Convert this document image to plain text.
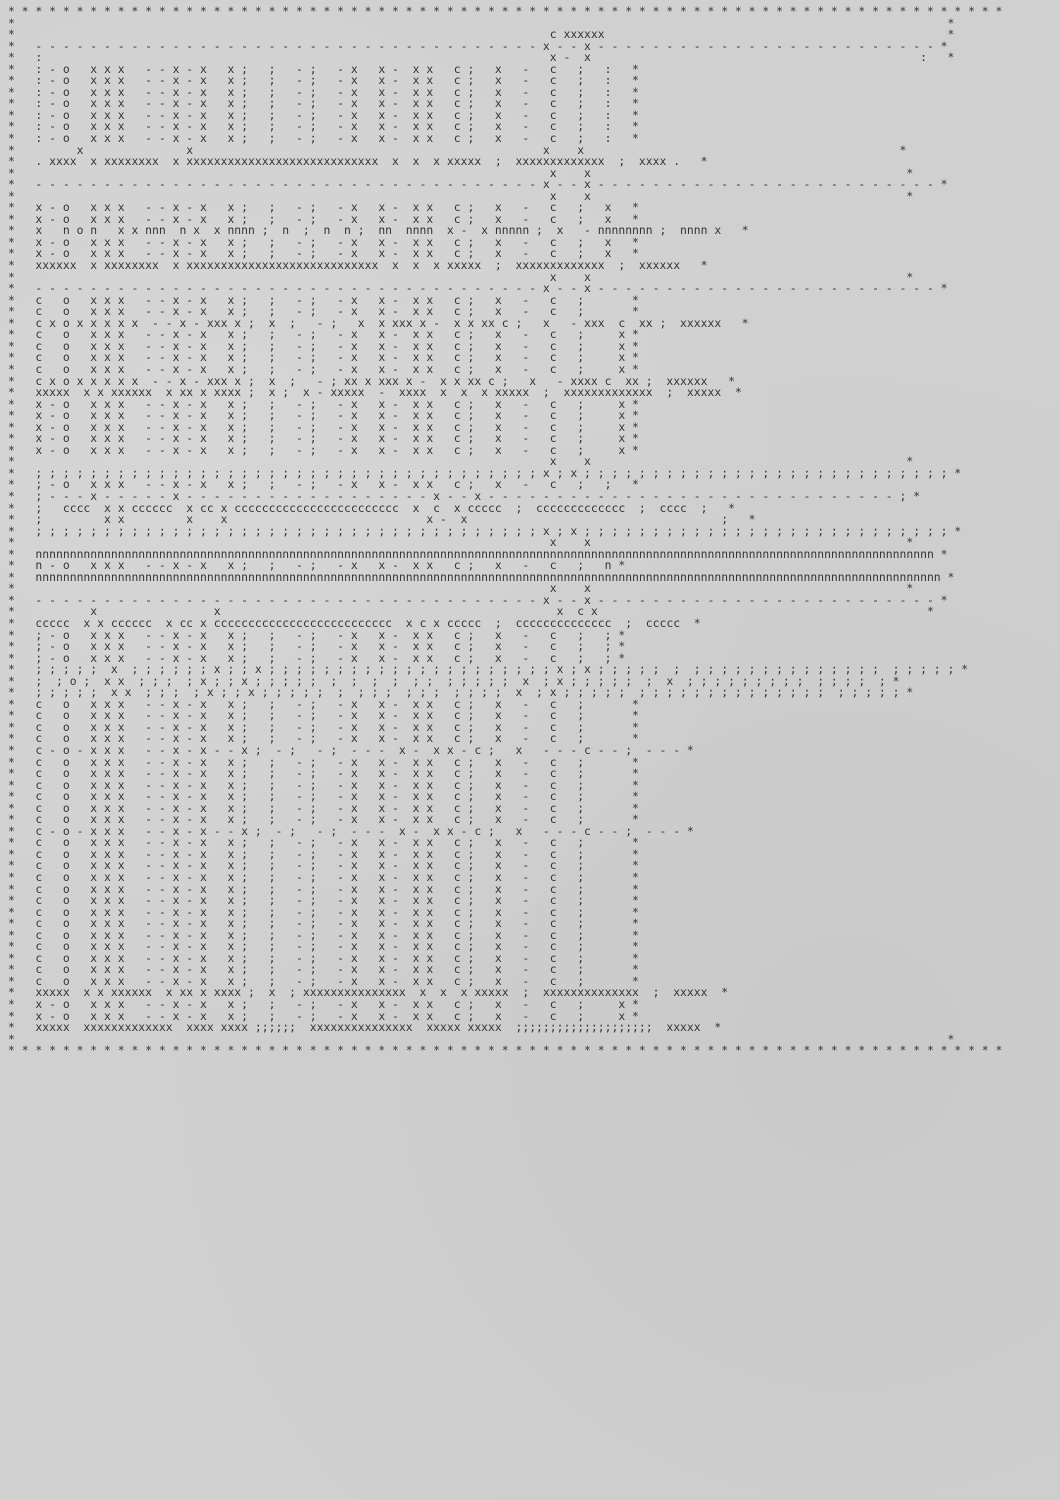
* * * * * * * * * * * * * * * * * * * * * * * * * * * * * * * * * * * * * * * * * * * * * * * * * * * * * * * * * * * * * * * * * * * * * * * * *
*                                                                                                                                        *
*                                                                              c xxxxxx                                                  *
*   - - - - - - - - - - - - - - - - - - - - - - - - - - - - - - - - - - - - - x - - x - - - - - - - - - - - - - - - - - - - - - - - - - *
*   :                                                                          x -  x                                                :   *
*   : - o   x x x   - - x - x   x ;   ;   - ;   - x   x -  x x   c ;   x   -   c   ;   :   *
*   : - o   x x x   - - x - x   x ;   ;   - ;   - x   x -  x x   c ;   x   -   c   ;   :   *
*   : - o   x x x   - - x - x   x ;   ;   - ;   - x   x -  x x   c ;   x   -   c   ;   :   *
*   : - o   x x x   - - x - x   x ;   ;   - ;   - x   x -  x x   c ;   x   -   c   ;   :   *
*   : - o   x x x   - - x - x   x ;   ;   - ;   - x   x -  x x   c ;   x   -   c   ;   :   *
*   : - o   x x x   - - x - x   x ;   ;   - ;   - x   x -  x x   c ;   x   -   c   ;   :   *
*   : - o   x x x   - - x - x   x ;   ;   - ;   - x   x -  x x   c ;   x   -   c   ;   :   *
*         x               x                                                   x    x                                              *
*   . xxxx  x xxxxxxxx  x xxxxxxxxxxxxxxxxxxxxxxxxxxxx  x  x  x xxxxx  ;  xxxxxxxxxxxxx  ;  xxxx .   *
*                                                                              x    x                                              *
*   - - - - - - - - - - - - - - - - - - - - - - - - - - - - - - - - - - - - - x - - x - - - - - - - - - - - - - - - - - - - - - - - - - *
*                                                                              x    x                                              *
*   x - o   x x x   - - x - x   x ;   ;   - ;   - x   x -  x x   c ;   x   -   c   ;   x   *
*   x - o   x x x   - - x - x   x ;   ;   - ;   - x   x -  x x   c ;   x   -   c   ;   x   *
*   x   n o n   x x nnn  n x  x nnnn ;  n  ;  n  n ;  nn  nnnn  x -  x nnnnn ;  x   - nnnnnnnn ;  nnnn x   *
*   x - o   x x x   - - x - x   x ;   ;   - ;   - x   x -  x x   c ;   x   -   c   ;   x   *
*   x - o   x x x   - - x - x   x ;   ;   - ;   - x   x -  x x   c ;   x   -   c   ;   x   *
*   xxxxxx  x xxxxxxxx  x xxxxxxxxxxxxxxxxxxxxxxxxxxxx  x  x  x xxxxx  ;  xxxxxxxxxxxxx  ;  xxxxxx   *
*                                                                              x    x                                              *
*   - - - - - - - - - - - - - - - - - - - - - - - - - - - - - - - - - - - - - x - - x - - - - - - - - - - - - - - - - - - - - - - - - - *
*   c   o   x x x   - - x - x   x ;   ;   - ;   - x   x -  x x   c ;   x   -   c   ;       *
*   c   o   x x x   - - x - x   x ;   ;   - ;   - x   x -  x x   c ;   x   -   c   ;       *
*   c x o x x x x x  - - x - xxx x ;  x  ;   - ;   x  x xxx x -  x x xx c ;   x   - xxx  c  xx ;  xxxxxx   *
*   c   o   x x x   - - x - x   x ;   ;   - ;   - x   x -  x x   c ;   x   -   c   ;     x *
*   c   o   x x x   - - x - x   x ;   ;   - ;   - x   x -  x x   c ;   x   -   c   ;     x *
*   c   o   x x x   - - x - x   x ;   ;   - ;   - x   x -  x x   c ;   x   -   c   ;     x *
*   c   o   x x x   - - x - x   x ;   ;   - ;   - x   x -  x x   c ;   x   -   c   ;     x *
*   c x o x x x x x  - - x - xxx x ;  x  ;   - ; xx x xxx x -  x x xx c ;   x   - xxxx c  xx ;  xxxxxx   *
*   xxxxx  x x xxxxxx  x xx x xxxx ;  x ;  x - xxxxx  -  xxxx  x  x  x xxxxx  ;  xxxxxxxxxxxxx  ;  xxxxx  *
*   x - o   x x x   - - x - x   x ;   ;   - ;   - x   x -  x x   c ;   x   -   c   ;     x *
*   x - o   x x x   - - x - x   x ;   ;   - ;   - x   x -  x x   c ;   x   -   c   ;     x *
*   x - o   x x x   - - x - x   x ;   ;   - ;   - x   x -  x x   c ;   x   -   c   ;     x *
*   x - o   x x x   - - x - x   x ;   ;   - ;   - x   x -  x x   c ;   x   -   c   ;     x *
*   x - o   x x x   - - x - x   x ;   ;   - ;   - x   x -  x x   c ;   x   -   c   ;     x *
*                                                                              x    x                                              *
*   ; ; ; ; ; ; ; ; ; ; ; ; ; ; ; ; ; ; ; ; ; ; ; ; ; ; ; ; ; ; ; ; ; ; ; ; ; x ; x ; ; ; ; ; ; ; ; ; ; ; ; ; ; ; ; ; ; ; ; ; ; ; ; ; ; ; *
*   ; - o   x x x   - - x - x   x ;   ;   - ;   - x   x -  x x   c ;   x   -   c   ;   ;   *
*   ; - - - x - - - - - x - - - - - - - - - - - - - - - - - - x - - x - - - - - - - - - - - - - - - - - - - - - - - - - - - - - - ; *
*   ;   cccc  x x cccccc  x cc x cccccccccccccccccccccccc  x  c  x ccccc  ;  ccccccccccccc  ;  cccc  ;   *
*   ;         x x         x    x                             x -  x                                     ;   *
*   ; ; ; ; ; ; ; ; ; ; ; ; ; ; ; ; ; ; ; ; ; ; ; ; ; ; ; ; ; ; ; ; ; ; ; ; ; x ; x ; ; ; ; ; ; ; ; ; ; ; ; ; ; ; ; ; ; ; ; ; ; ; ; ; ; ; *
*                                                                              x    x                                              *
*   nnnnnnnnnnnnnnnnnnnnnnnnnnnnnnnnnnnnnnnnnnnnnnnnnnnnnnnnnnnnnnnnnnnnnnnnnnnnnnnnnnnnnnnnnnnnnnnnnnnnnnnnnnnnnnnnnnnnnnnnnnnnnnnnnnn *
*   n - o   x x x   - - x - x   x ;   ;   - ;   - x   x -  x x   c ;   x   -   c   ;   n *
*   nnnnnnnnnnnnnnnnnnnnnnnnnnnnnnnnnnnnnnnnnnnnnnnnnnnnnnnnnnnnnnnnnnnnnnnnnnnnnnnnnnnnnnnnnnnnnnnnnnnnnnnnnnnnnnnnnnnnnnnnnnnnnnnnnnnn *
*                                                                              x    x                                              *
*   - - - - - - - - - - - - - - - - - - - - - - - - - - - - - - - - - - - - - x - - x - - - - - - - - - - - - - - - - - - - - - - - - - *
*           x                 x                                                 x  c x                                                *
*   ccccc  x x cccccc  x cc x cccccccccccccccccccccccccc  x c x ccccc  ;  cccccccccccccc  ;  ccccc  *
*   ; - o   x x x   - - x - x   x ;   ;   - ;   - x   x -  x x   c ;   x   -   c   ;   ; *
*   ; - o   x x x   - - x - x   x ;   ;   - ;   - x   x -  x x   c ;   x   -   c   ;   ; *
*   ; - o   x x x   - - x - x   x ;   ;   - ;   - x   x -  x x   c ;   x   -   c   ;   ; *
*   ; ; ; ; ;  x  ; ; ; ; ; ; x ; ; x ; ; ; ; ; ; ; ; ; ; ; ; ; ; ; ; ; ; ; ; ; x ; x ; ; ; ; ;  ;  ; ; ; ; ; ; ; ; ; ; ; ; ; ;  ; ; ; ; ; *
*   ;  ; o ;  x x  ; ; ;  ; x ; ; x ; ; ; ; ;  ;  ;  ;  ;  ; ;  ; ; ; ; ;  x  ; x ; ; ; ; ;  ;  x  ; ; ; ; ; ; ; ; ;  ; ; ; ;  ; *
*   ; ; ; ; ;  x x  ; ; ;  ; x ; ; x ; ; ; ; ;  ;  ; ; ;  ; ; ;  ; ; ; ;  x  ; x ; ; ; ; ;  ; ; ; ; ; ; ; ; ; ; ; ; ; ;  ; ; ; ; ; *
*   c   o   x x x   - - x - x   x ;   ;   - ;   - x   x -  x x   c ;   x   -   c   ;       *
*   c   o   x x x   - - x - x   x ;   ;   - ;   - x   x -  x x   c ;   x   -   c   ;       *
*   c   o   x x x   - - x - x   x ;   ;   - ;   - x   x -  x x   c ;   x   -   c   ;       *
*   c   o   x x x   - - x - x   x ;   ;   - ;   - x   x -  x x   c ;   x   -   c   ;       *
*   c - o - x x x   - - x - x - - x ;  - ;   - ;  - - -  x -  x x - c ;   x   - - - c - - ;  - - - *
*   c   o   x x x   - - x - x   x ;   ;   - ;   - x   x -  x x   c ;   x   -   c   ;       *
*   c   o   x x x   - - x - x   x ;   ;   - ;   - x   x -  x x   c ;   x   -   c   ;       *
*   c   o   x x x   - - x - x   x ;   ;   - ;   - x   x -  x x   c ;   x   -   c   ;       *
*   c   o   x x x   - - x - x   x ;   ;   - ;   - x   x -  x x   c ;   x   -   c   ;       *
*   c   o   x x x   - - x - x   x ;   ;   - ;   - x   x -  x x   c ;   x   -   c   ;       *
*   c   o   x x x   - - x - x   x ;   ;   - ;   - x   x -  x x   c ;   x   -   c   ;       *
*   c - o - x x x   - - x - x - - x ;  - ;   - ;  - - -  x -  x x - c ;   x   - - - c - - ;  - - - *
*   c   o   x x x   - - x - x   x ;   ;   - ;   - x   x -  x x   c ;   x   -   c   ;       *
*   c   o   x x x   - - x - x   x ;   ;   - ;   - x   x -  x x   c ;   x   -   c   ;       *
*   c   o   x x x   - - x - x   x ;   ;   - ;   - x   x -  x x   c ;   x   -   c   ;       *
*   c   o   x x x   - - x - x   x ;   ;   - ;   - x   x -  x x   c ;   x   -   c   ;       *
*   c   o   x x x   - - x - x   x ;   ;   - ;   - x   x -  x x   c ;   x   -   c   ;       *
*   c   o   x x x   - - x - x   x ;   ;   - ;   - x   x -  x x   c ;   x   -   c   ;       *
*   c   o   x x x   - - x - x   x ;   ;   - ;   - x   x -  x x   c ;   x   -   c   ;       *
*   c   o   x x x   - - x - x   x ;   ;   - ;   - x   x -  x x   c ;   x   -   c   ;       *
*   c   o   x x x   - - x - x   x ;   ;   - ;   - x   x -  x x   c ;   x   -   c   ;       *
*   c   o   x x x   - - x - x   x ;   ;   - ;   - x   x -  x x   c ;   x   -   c   ;       *
*   c   o   x x x   - - x - x   x ;   ;   - ;   - x   x -  x x   c ;   x   -   c   ;       *
*   c   o   x x x   - - x - x   x ;   ;   - ;   - x   x -  x x   c ;   x   -   c   ;       *
*   c   o   x x x   - - x - x   x ;   ;   - ;   - x   x -  x x   c ;   x   -   c   ;       *
*   xxxxx  x x xxxxxx  x xx x xxxx ;  x  ; xxxxxxxxxxxxxxx  x  x  x xxxxx  ;  xxxxxxxxxxxxxx  ;  xxxxx  *
*   x - o   x x x   - - x - x   x ;   ;   - ;   - x   x -  x x   c ;   x   -   c   ;     x *
*   x - o   x x x   - - x - x   x ;   ;   - ;   - x   x -  x x   c ;   x   -   c   ;     x *
*   xxxxx  xxxxxxxxxxxxx  xxxx xxxx ;;;;;;  xxxxxxxxxxxxxxx  xxxxx xxxxx  ;;;;;;;;;;;;;;;;;;;;  xxxxx  *
*                                                                                                                                        *
* * * * * * * * * * * * * * * * * * * * * * * * * * * * * * * * * * * * * * * * * * * * * * * * * * * * * * * * * * * * * * * * * * * * * * * * *
